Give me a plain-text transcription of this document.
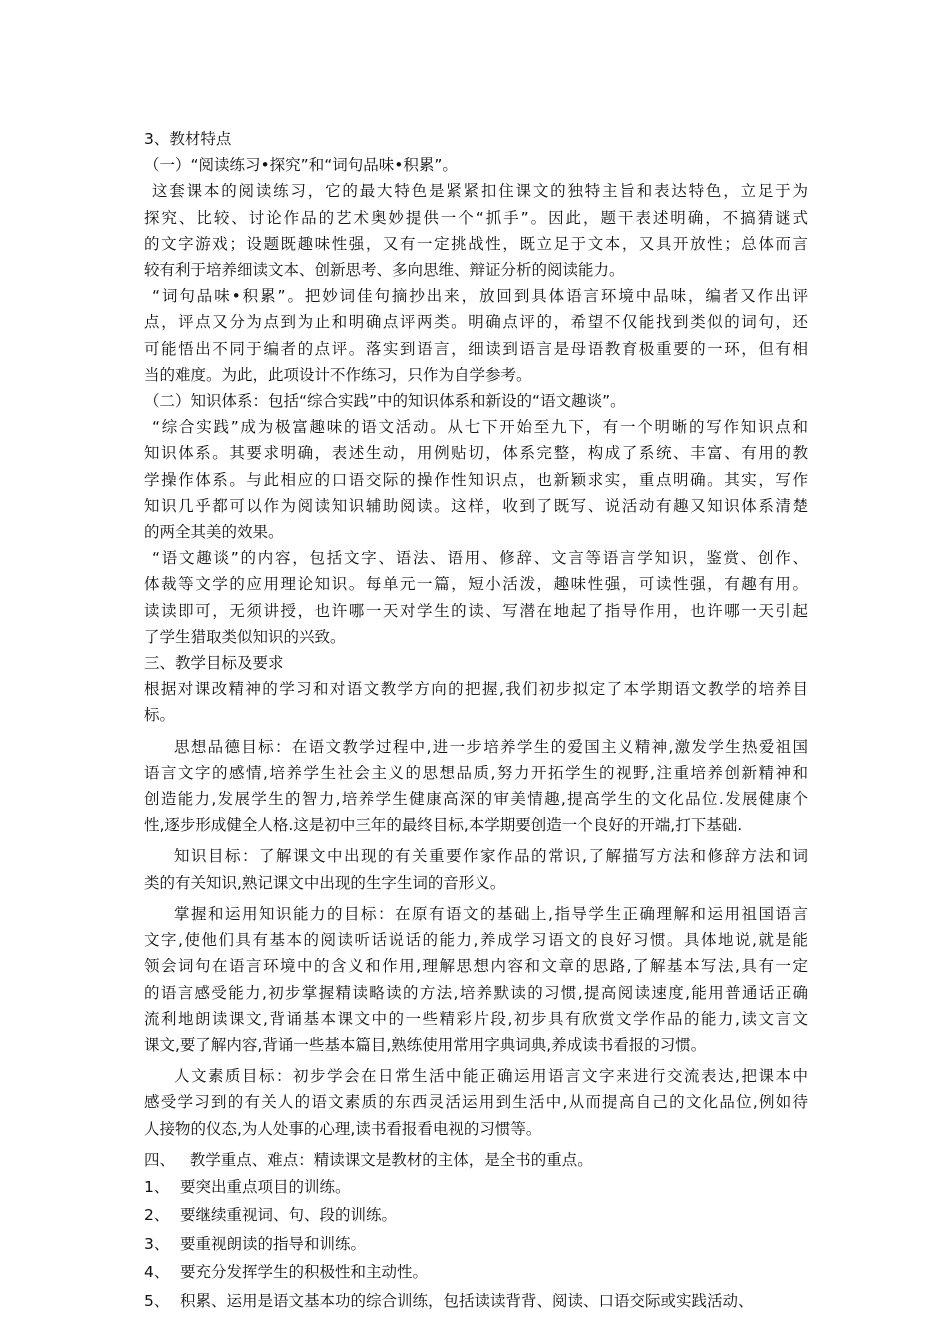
3、教材特点
（一）“阅读练习•探究”和“词句品味•积累”。
这套课本的阅读练习，它的最大特色是紧紧扣住课文的独特主旨和表达特色，立足于为
探究、比较、讨论作品的艺术奥妙提供一个“抓手”。因此，题干表述明确，不搞猜谜式
的文字游戏；设题既趣味性强，又有一定挑战性，既立足于文本，又具开放性；总体而言
较有利于培养细读文本、创新思考、多向思维、辩证分析的阅读能力。
“词句品味•积累”。把妙词佳句摘抄出来，放回到具体语言环境中品味，编者又作出评
点，评点又分为点到为止和明确点评两类。明确点评的，希望不仅能找到类似的词句，还
可能悟出不同于编者的点评。落实到语言，细读到语言是母语教育极重要的一环，但有相
当的难度。为此，此项设计不作练习，只作为自学参考。
（二）知识体系：包括“综合实践”中的知识体系和新设的“语文趣谈”。
“综合实践”成为极富趣味的语文活动。从七下开始至九下，有一个明晰的写作知识点和
知识体系。其要求明确，表述生动，用例贴切，体系完整，构成了系统、丰富、有用的教
学操作体系。与此相应的口语交际的操作性知识点，也新颖求实，重点明确。其实，写作
知识几乎都可以作为阅读知识辅助阅读。这样，收到了既写、说活动有趣又知识体系清楚
的两全其美的效果。
“语文趣谈”的内容，包括文字、语法、语用、修辞、文言等语言学知识，鉴赏、创作、
体裁等文学的应用理论知识。每单元一篇，短小活泼，趣味性强，可读性强，有趣有用。
读读即可，无须讲授，也许哪一天对学生的读、写潜在地起了指导作用，也许哪一天引起
了学生猎取类似知识的兴致。
三、教学目标及要求
根据对课改精神的学习和对语文教学方向的把握,我们初步拟定了本学期语文教学的培养目
标。
思想品德目标：在语文教学过程中,进一步培养学生的爱国主义精神,激发学生热爱祖国
语言文字的感情,培养学生社会主义的思想品质,努力开拓学生的视野,注重培养创新精神和
创造能力,发展学生的智力,培养学生健康高深的审美情趣,提高学生的文化品位.发展健康个
性,逐步形成健全人格.这是初中三年的最终目标,本学期要创造一个良好的开端,打下基础.
知识目标：了解课文中出现的有关重要作家作品的常识,了解描写方法和修辞方法和词
类的有关知识,熟记课文中出现的生字生词的音形义。
掌握和运用知识能力的目标：在原有语文的基础上,指导学生正确理解和运用祖国语言
文字,使他们具有基本的阅读听话说话的能力,养成学习语文的良好习惯。具体地说,就是能
领会词句在语言环境中的含义和作用,理解思想内容和文章的思路,了解基本写法,具有一定
的语言感受能力,初步掌握精读略读的方法,培养默读的习惯,提高阅读速度,能用普通话正确
流利地朗读课文,背诵基本课文中的一些精彩片段,初步具有欣赏文学作品的能力,读文言文
课文,要了解内容,背诵一些基本篇目,熟练使用常用字典词典,养成读书看报的习惯。
人文素质目标：初步学会在日常生活中能正确运用语言文字来进行交流表达,把课本中
感受学习到的有关人的语文素质的东西灵活运用到生活中,从而提高自己的文化品位,例如待
人接物的仪态,为人处事的心理,读书看报看电视的习惯等。
四、   教学重点、难点：精读课文是教材的主体，是全书的重点。
1、 要突出重点项目的训练。
2、 要继续重视词、句、段的训练。
3、 要重视朗读的指导和训练。
4、 要充分发挥学生的积极性和主动性。
5、 积累、运用是语文基本功的综合训练，包括读读背背、阅读、口语交际或实践活动、
